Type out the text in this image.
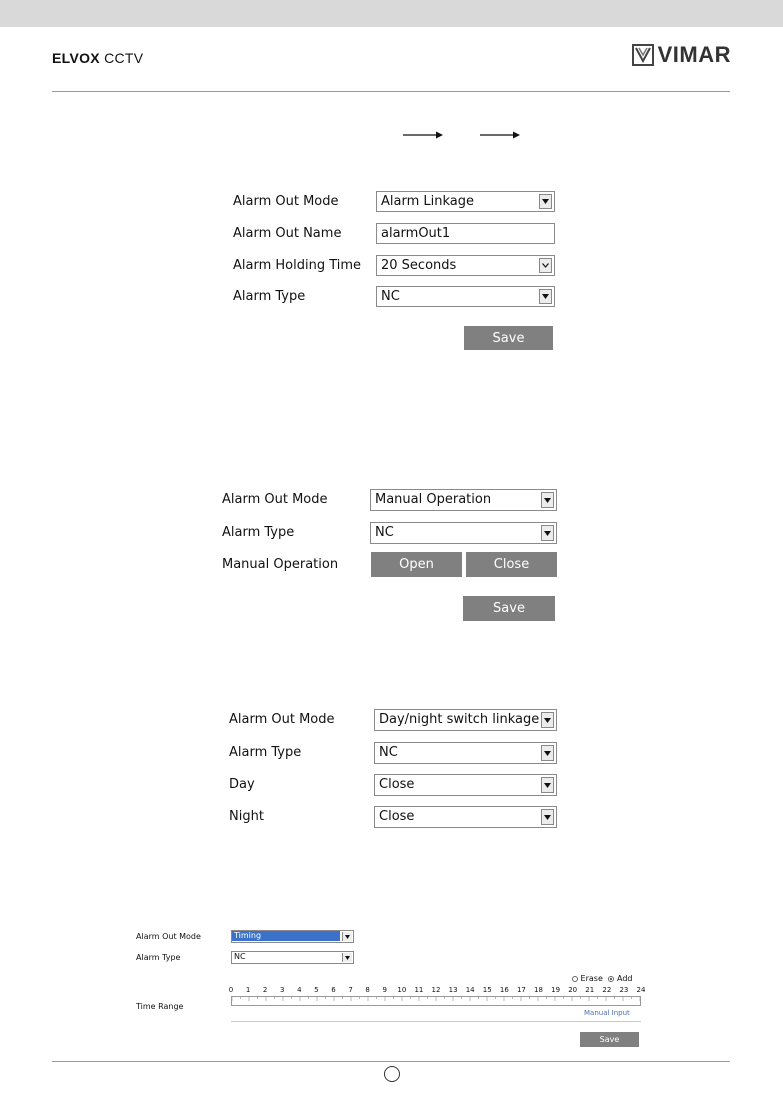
ELVOX CCTV	VIMAR
Alarm Out Mode	Alarm Linkage
Alarm Out Name	alarmOut1
Alarm Holding Time	20 Seconds
Alarm Type	NC
Save
Alarm Out Mode	Manual Operation
Alarm Type	NC
Manual Operation	Open	Close
Save
Alarm Out Mode	Day/night switch linkage
Alarm Type	NC
Day	Close
Night	Close
Alarm Out Mode	Timing
Alarm Type	NC
Erase Add
Time Range
0 1 2 3 4 5 6 7 8 9 10 11 12 13 14 15 16 17 18 19 20 21 22 23 24
Manual Input
Save
